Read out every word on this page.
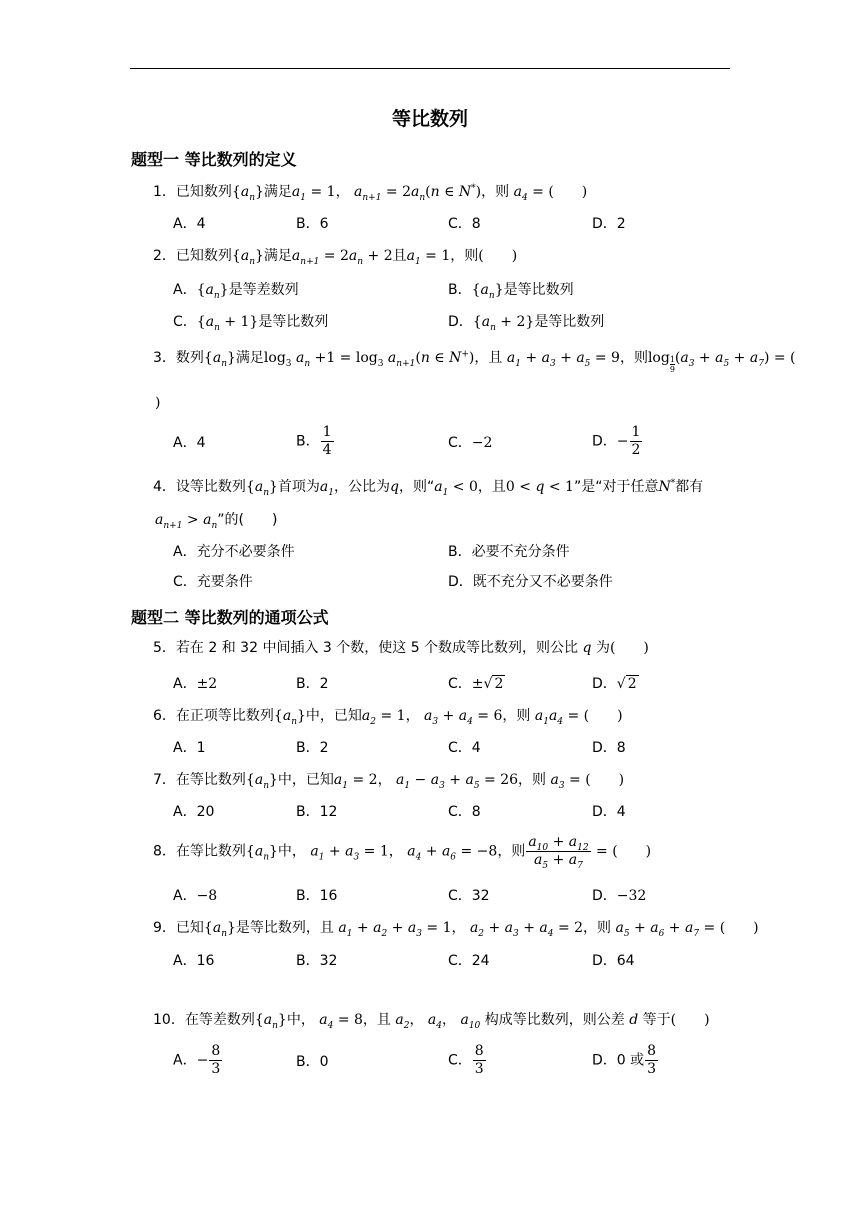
等比数列
题型一 等比数列的定义
1．已知数列$\{a_n\}$满足$a_1 = 1$， $a_{n+1} = 2a_n(n$ ∈ N*)，则 $a_4$ = (　　)
A．4	B．6	C．8	D．2
2．已知数列$\{a_n\}$满足$a_{n+1} = 2a_n + 2$且$a_1 = 1$，则(　　)
A．$\{a_n\}$是等差数列	B．$\{a_n\}$是等比数列
C．$\{a_n + 1\}$是等比数列	D．$\{a_n + 2\}$是等比数列
3．数列$\{a_n\}$满足$\log_3 a_n +1 = \log_3 a_{n+1}(n$ ∈ N+)，且 $a_1 + a_3 + a_5 = 9$，则$\log \frac{1}{9} (a_3 + a_5 + a_7)$ = (
)
A．4	B． $\frac{1}{4}$	C．−2	D．− $\frac{1}{2}$
4．设等比数列$\{a_n\}$首项为$a_1$，公比为q，则“$a_1 < 0$，且0 < q < 1”是“对于任意N*都有
$a_{n+1} > a_n$”的(　　)
A．充分不必要条件	B．必要不充分条件
C．充要条件	D．既不充分又不必要条件
题型二 等比数列的通项公式
5．若在 2 和 32 中间插入 3 个数，使这 5 个数成等比数列，则公比 q 为(　　)
A．±2	B．2	C．±√ 2	D．√ 2
6．在正项等比数列$\{a_n\}$中，已知$a_2 = 1$， $a_3 + a_4 = 6$，则 $a_1a_4$ = (　　)
A．1	B．2	C．4	D．8
7．在等比数列$\{a_n\}$中，已知$a_1 = 2$， $a_1 - a_3 + a_5 = 26$，则 $a_3$ = (　　)
A．20	B．12	C．8	D．4
8．在等比数列$\{a_n\}$中， $a_1 + a_3 = 1$， $a_4 + a_6 = -8$，则 $\frac{a_{10} + a_{12}}{a_5 + a_7}$ = (　　)
A．−8	B．16	C．32	D．−32
9．已知$\{a_n\}$是等比数列，且 $a_1 + a_2 + a_3 = 1$， $a_2 + a_3 + a_4 = 2$，则 $a_5 + a_6 + a_7$ = (　　)
A．16	B．32	C．24	D．64
10．在等差数列$\{a_n\}$中， $a_4 = 8$，且 $a_2$， $a_4$， $a_{10}$ 构成等比数列，则公差 d 等于(　　)
A．− $\frac{8}{3}$	B．0	C． $\frac{8}{3}$	D．0 或 $\frac{8}{3}$
